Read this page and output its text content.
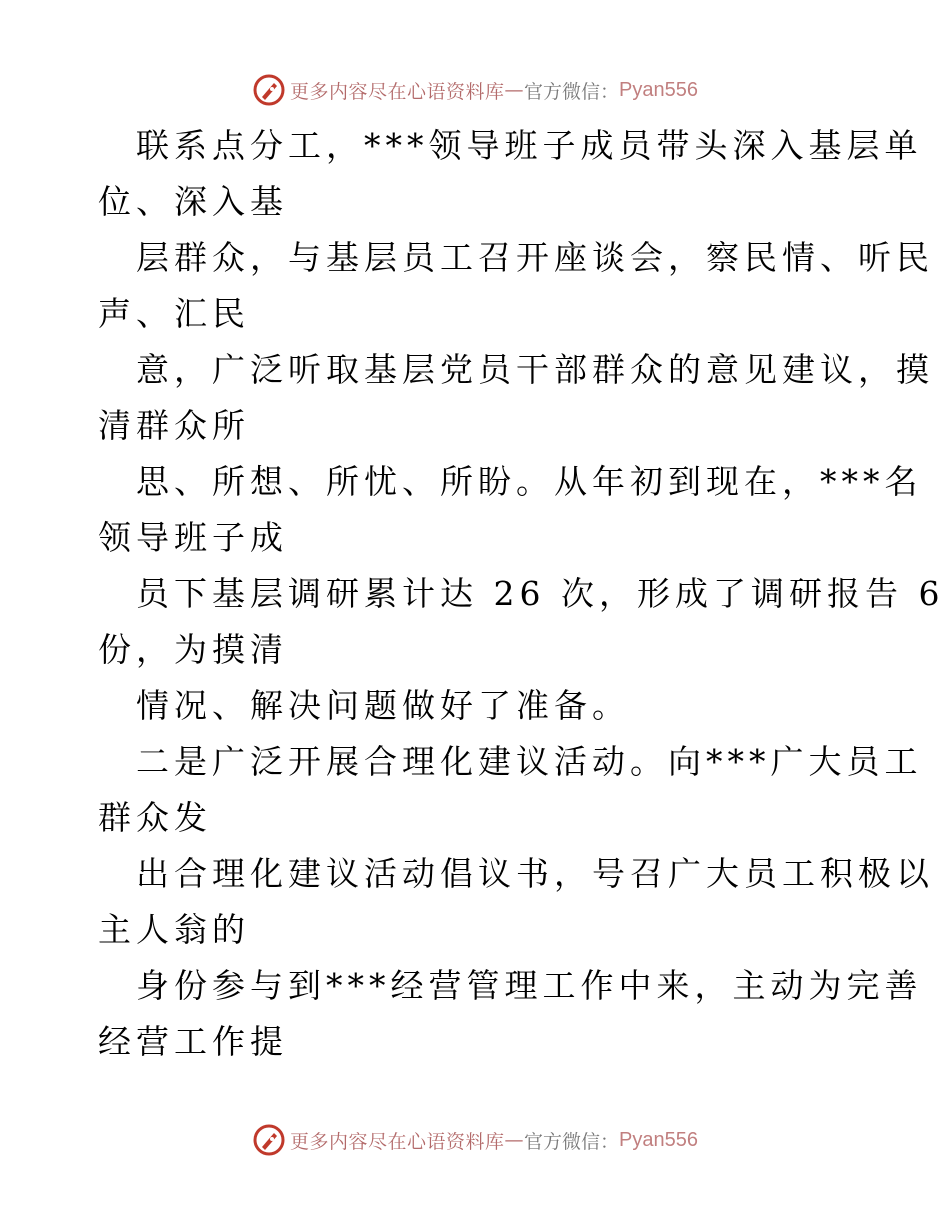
更多内容尽在心语资料库 — 官方微信： Pyan556
联系点分工，***领导班子成员带头深入基层单
位、深入基
层群众，与基层员工召开座谈会，察民情、听民
声、汇民
意，广泛听取基层党员干部群众的意见建议，摸
清群众所
思、所想、所忧、所盼。从年初到现在，***名
领导班子成
员下基层调研累计达 26 次，形成了调研报告 6
份，为摸清
情况、解决问题做好了准备。
二是广泛开展合理化建议活动。向***广大员工
群众发
出合理化建议活动倡议书，号召广大员工积极以
主人翁的
身份参与到***经营管理工作中来，主动为完善
经营工作提
更多内容尽在心语资料库 — 官方微信： Pyan556
